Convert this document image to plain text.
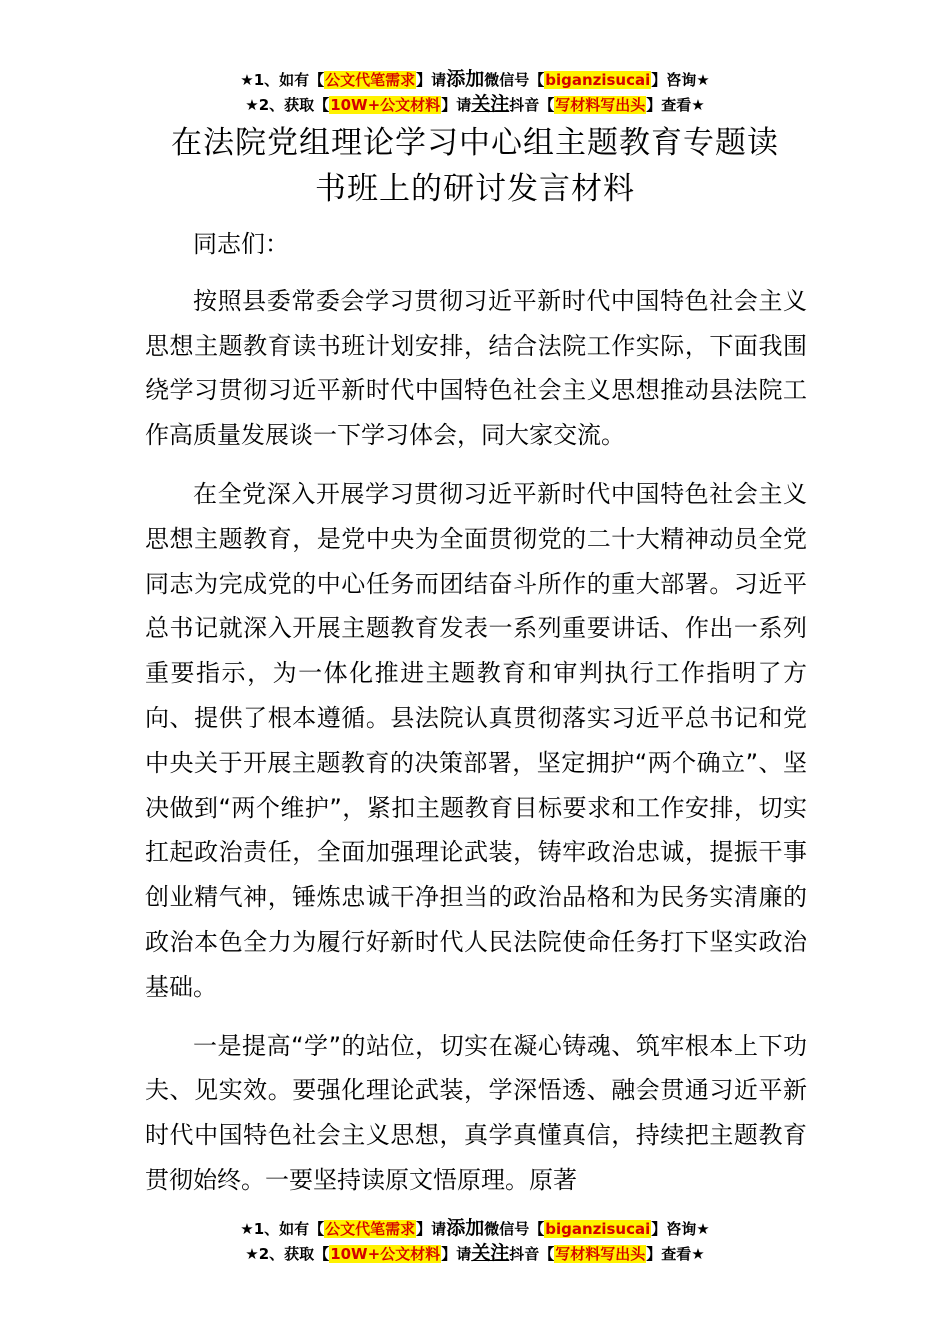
★1、如有【公文代笔需求】请添加微信号【biganzisucai】咨询★
★2、获取【10W+公文材料】请关注抖音【写材料写出头】查看★
在法院党组理论学习中心组主题教育专题读
书班上的研讨发言材料

同志们：

按照县委常委会学习贯彻习近平新时代中国特色社会主义思想主题教育读书班计划安排，结合法院工作实际，下面我围绕学习贯彻习近平新时代中国特色社会主义思想推动县法院工作高质量发展谈一下学习体会，同大家交流。

在全党深入开展学习贯彻习近平新时代中国特色社会主义思想主题教育，是党中央为全面贯彻党的二十大精神动员全党同志为完成党的中心任务而团结奋斗所作的重大部署。习近平总书记就深入开展主题教育发表一系列重要讲话、作出一系列重要指示，为一体化推进主题教育和审判执行工作指明了方向、提供了根本遵循。县法院认真贯彻落实习近平总书记和党中央关于开展主题教育的决策部署，坚定拥护“两个确立”、坚决做到“两个维护”，紧扣主题教育目标要求和工作安排，切实扛起政治责任，全面加强理论武装，铸牢政治忠诚，提振干事创业精气神，锤炼忠诚干净担当的政治品格和为民务实清廉的政治本色全力为履行好新时代人民法院使命任务打下坚实政治基础。

一是提高“学”的站位，切实在凝心铸魂、筑牢根本上下功夫、见实效。要强化理论武装，学深悟透、融会贯通习近平新时代中国特色社会主义思想，真学真懂真信，持续把主题教育贯彻始终。一要坚持读原文悟原理。原著

★1、如有【公文代笔需求】请添加微信号【biganzisucai】咨询★
★2、获取【10W+公文材料】请关注抖音【写材料写出头】查看★
